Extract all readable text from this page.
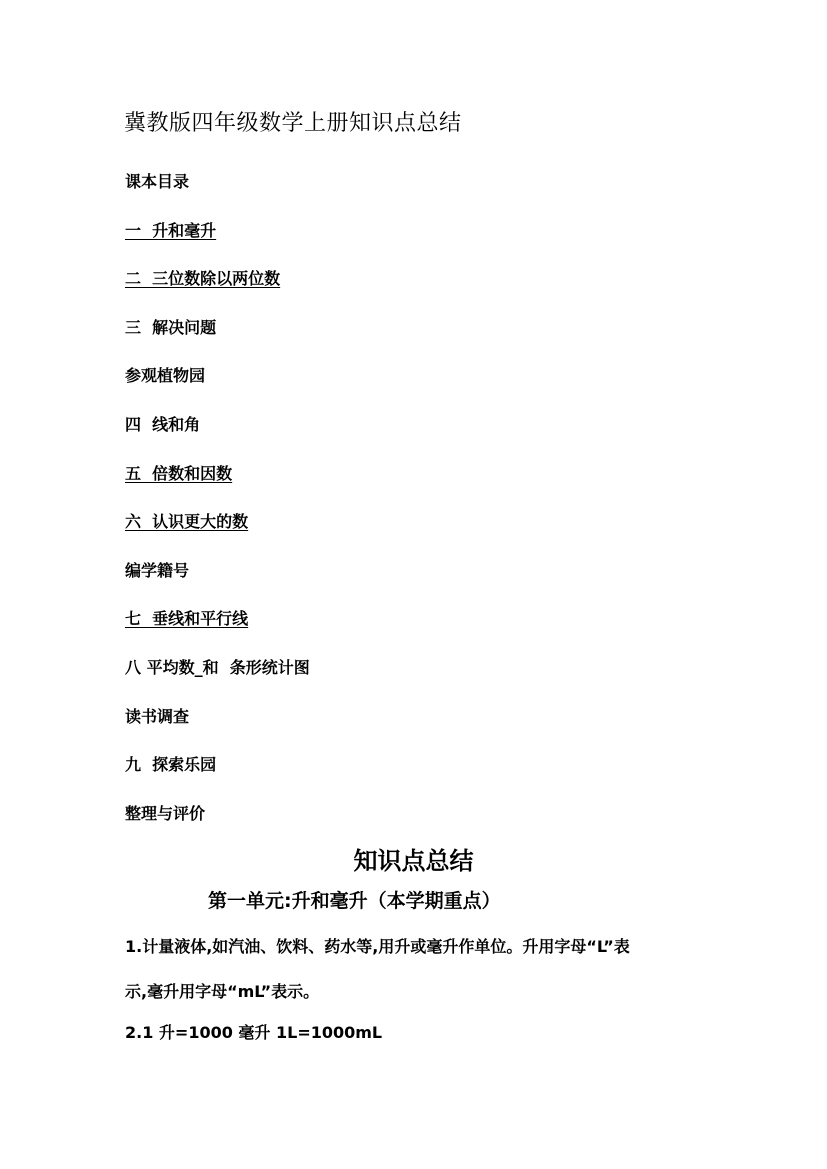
冀教版四年级数学上册知识点总结
课本目录
一  升和毫升
二  三位数除以两位数
三  解决问题
参观植物园
四  线和角
五  倍数和因数
六  认识更大的数
编学籍号
七  垂线和平行线
八 平均数_和  条形统计图
读书调查
九  探索乐园
整理与评价
知识点总结
第一单元:升和毫升（本学期重点）
1.计量液体,如汽油、饮料、药水等,用升或毫升作单位。升用字母“L”表
示,毫升用字母“mL”表示。
2.1 升=1000 毫升 1L=1000mL
